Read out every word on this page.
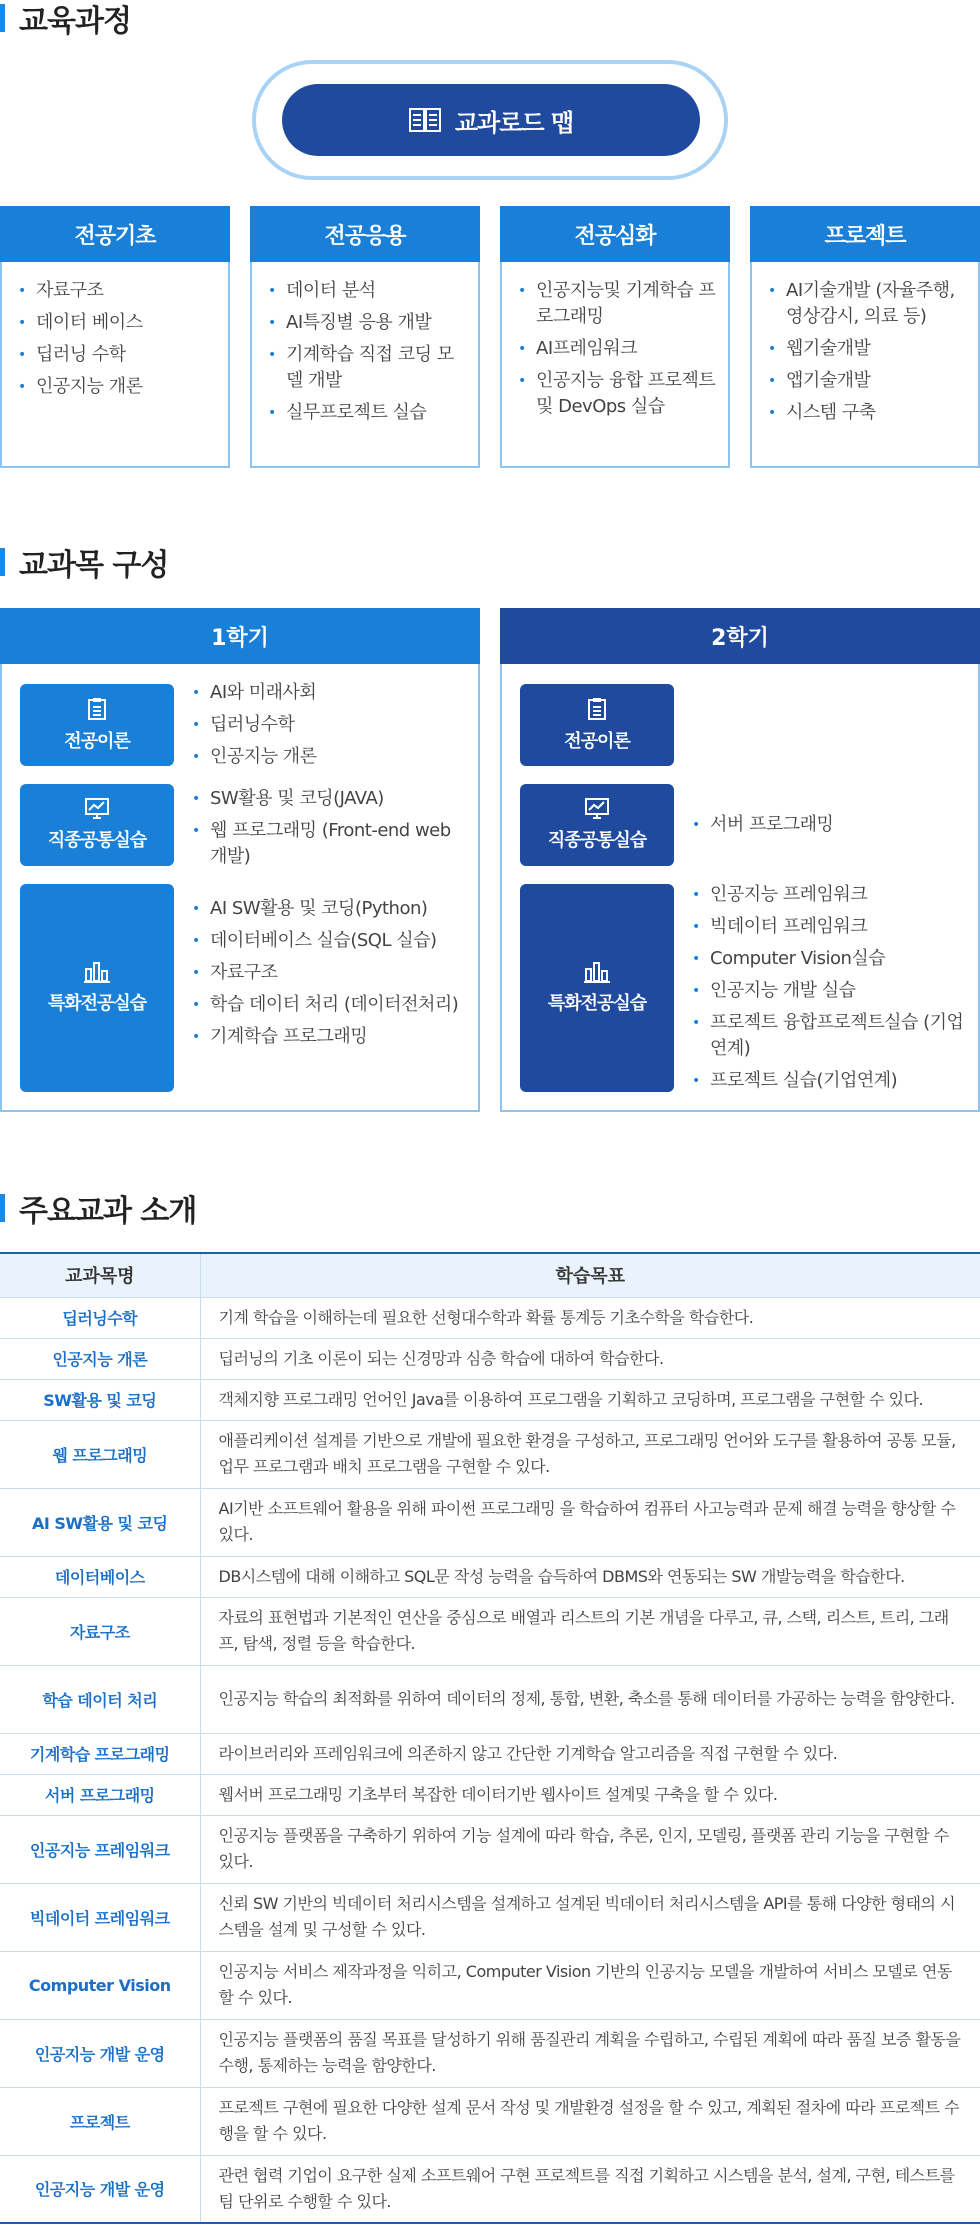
교육과정
교과로드 맵
전공기초
• 자료구조
• 데이터 베이스
• 딥러닝 수학
• 인공지능 개론
전공응용
• 데이터 분석
• AI특징별 응용 개발
• 기계학습 직접 코딩 모델 개발
• 실무프로젝트 실습
전공심화
• 인공지능및 기계학습 프로그래밍
• AI프레임워크
• 인공지능 융합 프로젝트 및 DevOps 실습
프로젝트
• AI기술개발 (자율주행, 영상감시, 의료 등)
• 웹기술개발
• 앱기술개발
• 시스템 구축
교과목 구성
1학기
전공이론
• AI와 미래사회
• 딥러닝수학
• 인공지능 개론
직종공통실습
• SW활용 및 코딩(JAVA)
• 웹 프로그래밍 (Front-end web 개발)
특화전공실습
• AI SW활용 및 코딩(Python)
• 데이터베이스 실습(SQL 실습)
• 자료구조
• 학습 데이터 처리 (데이터전처리)
• 기계학습 프로그래밍
2학기
전공이론
직종공통실습
• 서버 프로그래밍
특화전공실습
• 인공지능 프레임워크
• 빅데이터 프레임워크
• Computer Vision실습
• 인공지능 개발 실습
• 프로젝트 융합프로젝트실습 (기업연계)
• 프로젝트 실습(기업연계)
주요교과 소개
교과목명	학습목표
딥러닝수학	기계 학습을 이해하는데 필요한 선형대수학과 확률 통계등 기초수학을 학습한다.
인공지능 개론	딥러닝의 기초 이론이 되는 신경망과 심층 학습에 대하여 학습한다.
SW활용 및 코딩	객체지향 프로그래밍 언어인 Java를 이용하여 프로그램을 기획하고 코딩하며, 프로그램을 구현할 수 있다.
웹 프로그래밍	애플리케이션 설계를 기반으로 개발에 필요한 환경을 구성하고, 프로그래밍 언어와 도구를 활용하여 공통 모듈, 업무 프로그램과 배치 프로그램을 구현할 수 있다.
AI SW활용 및 코딩	AI기반 소프트웨어 활용을 위해 파이썬 프로그래밍 을 학습하여 컴퓨터 사고능력과 문제 해결 능력을 향상할 수 있다.
데이터베이스	DB시스템에 대해 이해하고 SQL문 작성 능력을 습득하여 DBMS와 연동되는 SW 개발능력을 학습한다.
자료구조	자료의 표현법과 기본적인 연산을 중심으로 배열과 리스트의 기본 개념을 다루고, 큐, 스택, 리스트, 트리, 그래프, 탐색, 정렬 등을 학습한다.
학습 데이터 처리	인공지능 학습의 최적화를 위하여 데이터의 정제, 통합, 변환, 축소를 통해 데이터를 가공하는 능력을 함양한다.
기계학습 프로그래밍	라이브러리와 프레임워크에 의존하지 않고 간단한 기계학습 알고리즘을 직접 구현할 수 있다.
서버 프로그래밍	웹서버 프로그래밍 기초부터 복잡한 데이터기반 웹사이트 설계및 구축을 할 수 있다.
인공지능 프레임워크	인공지능 플랫폼을 구축하기 위하여 기능 설계에 따라 학습, 추론, 인지, 모델링, 플랫폼 관리 기능을 구현할 수 있다.
빅데이터 프레임워크	신뢰 SW 기반의 빅데이터 처리시스템을 설계하고 설계된 빅데이터 처리시스템을 API를 통해 다양한 형태의 시스템을 설계 및 구성할 수 있다.
Computer Vision	인공지능 서비스 제작과정을 익히고, Computer Vision 기반의 인공지능 모델을 개발하여 서비스 모델로 연동할 수 있다.
인공지능 개발 운영	인공지능 플랫폼의 품질 목표를 달성하기 위해 품질관리 계획을 수립하고, 수립된 계획에 따라 품질 보증 활동을 수행, 통제하는 능력을 함양한다.
프로젝트	프로젝트 구현에 필요한 다양한 설계 문서 작성 및 개발환경 설정을 할 수 있고, 계획된 절차에 따라 프로젝트 수행을 할 수 있다.
인공지능 개발 운영	관련 협력 기업이 요구한 실제 소프트웨어 구현 프로젝트를 직접 기획하고 시스템을 분석, 설계, 구현, 테스트를 팀 단위로 수행할 수 있다.
